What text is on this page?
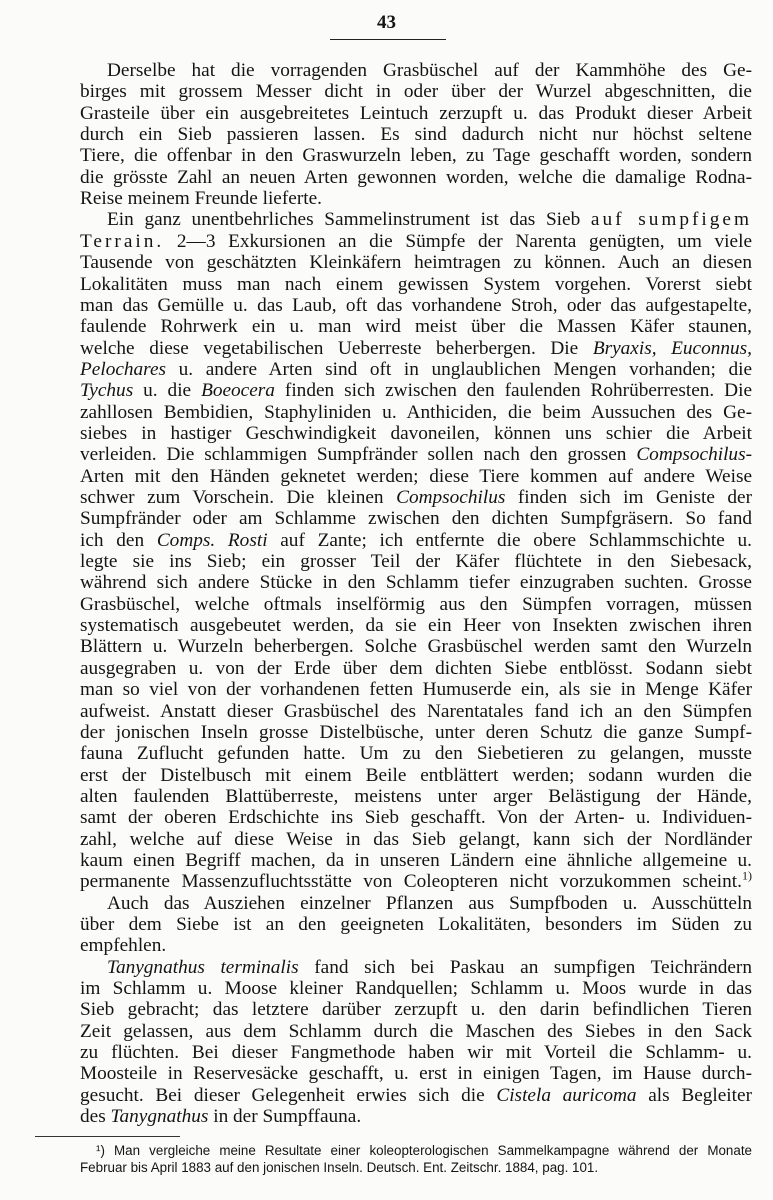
43
Derselbe hat die vorragenden Grasbüschel auf der Kammhöhe des Ge-
birges mit grossem Messer dicht in oder über der Wurzel abgeschnitten, die
Grasteile über ein ausgebreitetes Leintuch zerzupft u. das Produkt dieser Arbeit
durch ein Sieb passieren lassen. Es sind dadurch nicht nur höchst seltene
Tiere, die offenbar in den Graswurzeln leben, zu Tage geschafft worden, sondern
die grösste Zahl an neuen Arten gewonnen worden, welche die damalige Rodna-
Reise meinem Freunde lieferte.
Ein ganz unentbehrliches Sammelinstrument ist das Sieb auf sumpfigem
Terrain. 2—3 Exkursionen an die Sümpfe der Narenta genügten, um viele
Tausende von geschätzten Kleinkäfern heimtragen zu können. Auch an diesen
Lokalitäten muss man nach einem gewissen System vorgehen. Vorerst siebt
man das Gemülle u. das Laub, oft das vorhandene Stroh, oder das aufgestapelte,
faulende Rohrwerk ein u. man wird meist über die Massen Käfer staunen,
welche diese vegetabilischen Ueberreste beherbergen. Die Bryaxis, Euconnus,
Pelochares u. andere Arten sind oft in unglaublichen Mengen vorhanden; die
Tychus u. die Boeocera finden sich zwischen den faulenden Rohrüberresten. Die
zahllosen Bembidien, Staphyliniden u. Anthiciden, die beim Aussuchen des Ge-
siebes in hastiger Geschwindigkeit davoneilen, können uns schier die Arbeit
verleiden. Die schlammigen Sumpfränder sollen nach den grossen Compsochilus-
Arten mit den Händen geknetet werden; diese Tiere kommen auf andere Weise
schwer zum Vorschein. Die kleinen Compsochilus finden sich im Geniste der
Sumpfränder oder am Schlamme zwischen den dichten Sumpfgräsern. So fand
ich den Comps. Rosti auf Zante; ich entfernte die obere Schlammschichte u.
legte sie ins Sieb; ein grosser Teil der Käfer flüchtete in den Siebesack,
während sich andere Stücke in den Schlamm tiefer einzugraben suchten. Grosse
Grasbüschel, welche oftmals inselförmig aus den Sümpfen vorragen, müssen
systematisch ausgebeutet werden, da sie ein Heer von Insekten zwischen ihren
Blättern u. Wurzeln beherbergen. Solche Grasbüschel werden samt den Wurzeln
ausgegraben u. von der Erde über dem dichten Siebe entblösst. Sodann siebt
man so viel von der vorhandenen fetten Humuserde ein, als sie in Menge Käfer
aufweist. Anstatt dieser Grasbüschel des Narentatales fand ich an den Sümpfen
der jonischen Inseln grosse Distelbüsche, unter deren Schutz die ganze Sumpf-
fauna Zuflucht gefunden hatte. Um zu den Siebetieren zu gelangen, musste
erst der Distelbusch mit einem Beile entblättert werden; sodann wurden die
alten faulenden Blattüberreste, meistens unter arger Belästigung der Hände,
samt der oberen Erdschichte ins Sieb geschafft. Von der Arten- u. Individuen-
zahl, welche auf diese Weise in das Sieb gelangt, kann sich der Nordländer
kaum einen Begriff machen, da in unseren Ländern eine ähnliche allgemeine u.
permanente Massenzufluchtsstätte von Coleopteren nicht vorzukommen scheint.$^{1)}$
Auch das Ausziehen einzelner Pflanzen aus Sumpfboden u. Ausschütteln
über dem Siebe ist an den geeigneten Lokalitäten, besonders im Süden zu
empfehlen.
Tanygnathus terminalis fand sich bei Paskau an sumpfigen Teichrändern
im Schlamm u. Moose kleiner Randquellen; Schlamm u. Moos wurde in das
Sieb gebracht; das letztere darüber zerzupft u. den darin befindlichen Tieren
Zeit gelassen, aus dem Schlamm durch die Maschen des Siebes in den Sack
zu flüchten. Bei dieser Fangmethode haben wir mit Vorteil die Schlamm- u.
Moosteile in Reservesäcke geschafft, u. erst in einigen Tagen, im Hause durch-
gesucht. Bei dieser Gelegenheit erwies sich die Cistela auricoma als Begleiter
des Tanygnathus in der Sumpffauna.
¹) Man vergleiche meine Resultate einer koleopterologischen Sammelkampagne während der Monate
Februar bis April 1883 auf den jonischen Inseln. Deutsch. Ent. Zeitschr. 1884, pag. 101.
